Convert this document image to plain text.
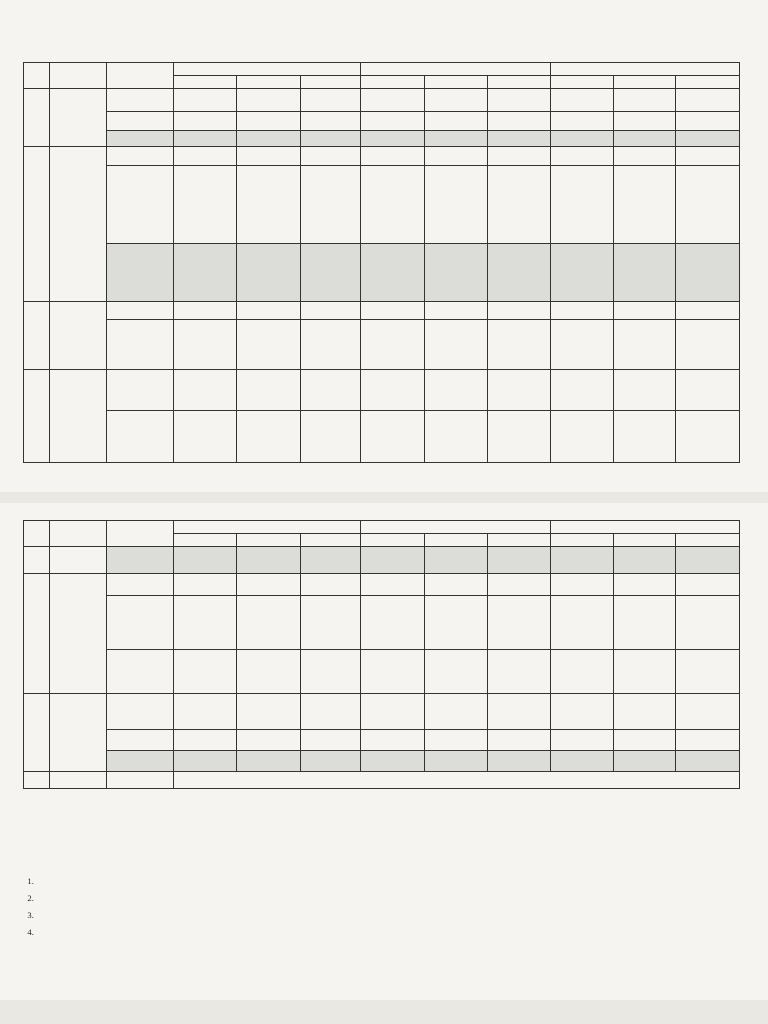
1.
2.
3.
4.
